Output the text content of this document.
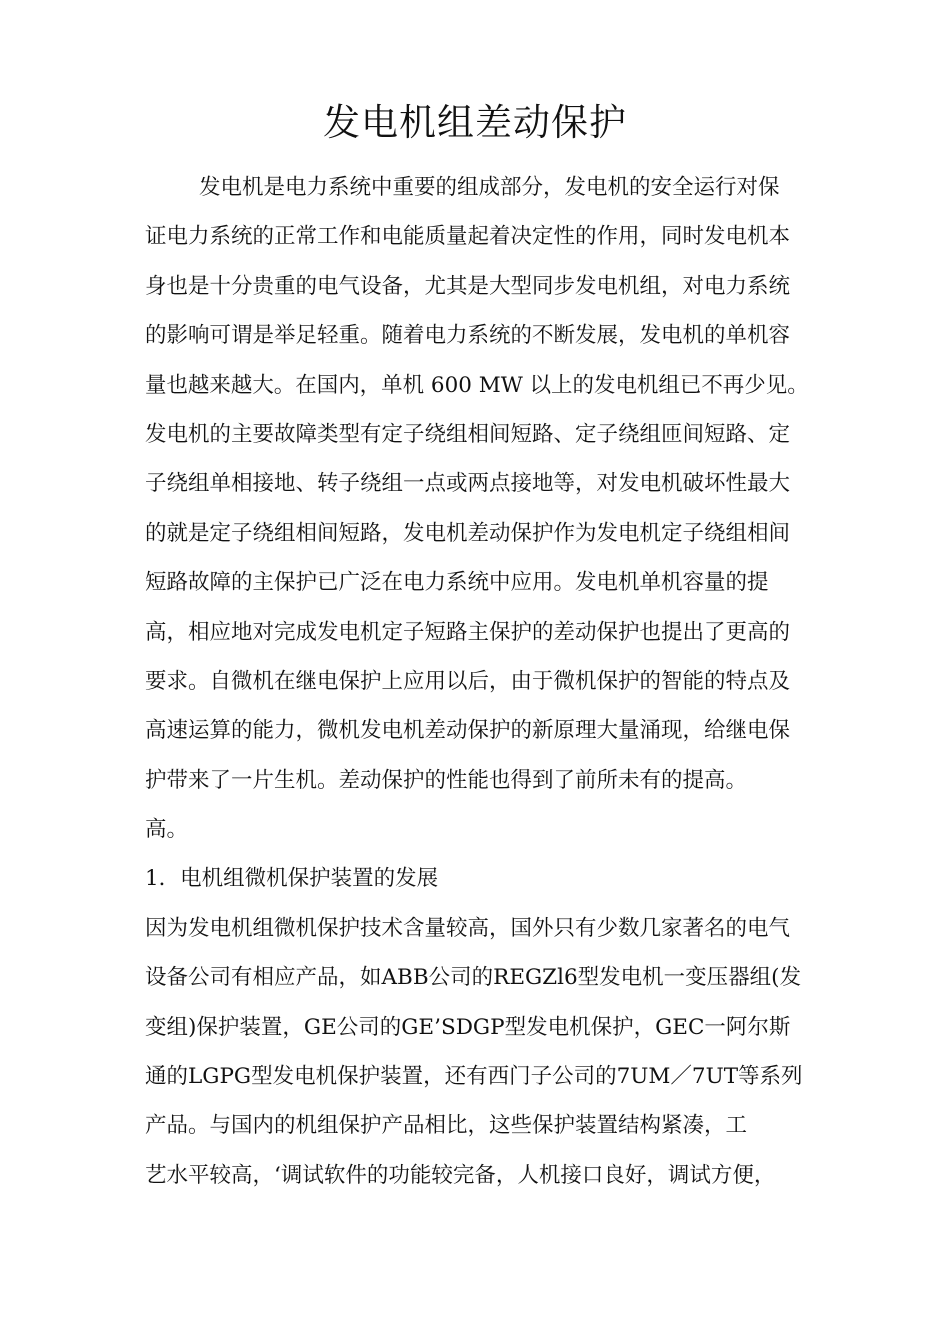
发电机组差动保护
发电机是电力系统中重要的组成部分，发电机的安全运行对保
证电力系统的正常工作和电能质量起着决定性的作用，同时发电机本
身也是十分贵重的电气设备，尤其是大型同步发电机组，对电力系统
的影响可谓是举足轻重。随着电力系统的不断发展，发电机的单机容
量也越来越大。在国内，单机 600 MW 以上的发电机组已不再少见。
发电机的主要故障类型有定子绕组相间短路、定子绕组匝间短路、定
子绕组单相接地、转子绕组一点或两点接地等，对发电机破坏性最大
的就是定子绕组相间短路，发电机差动保护作为发电机定子绕组相间
短路故障的主保护已广泛在电力系统中应用。发电机单机容量的提
高，相应地对完成发电机定子短路主保护的差动保护也提出了更高的
要求。自微机在继电保护上应用以后，由于微机保护的智能的特点及
高速运算的能力，微机发电机差动保护的新原理大量涌现，给继电保
护带来了一片生机。差动保护的性能也得到了前所未有的提高。
高。
1．电机组微机保护装置的发展
因为发电机组微机保护技术含量较高，国外只有少数几家著名的电气
设备公司有相应产品，如ABB公司的REGZl6型发电机一变压器组(发
变组)保护装置，GE公司的GE’SDGP型发电机保护，GEC一阿尔斯
通的LGPG型发电机保护装置，还有西门子公司的7UM／7UT等系列
产品。与国内的机组保护产品相比，这些保护装置结构紧凑，工
艺水平较高，‘调试软件的功能较完备，人机接口良好，调试方便，
